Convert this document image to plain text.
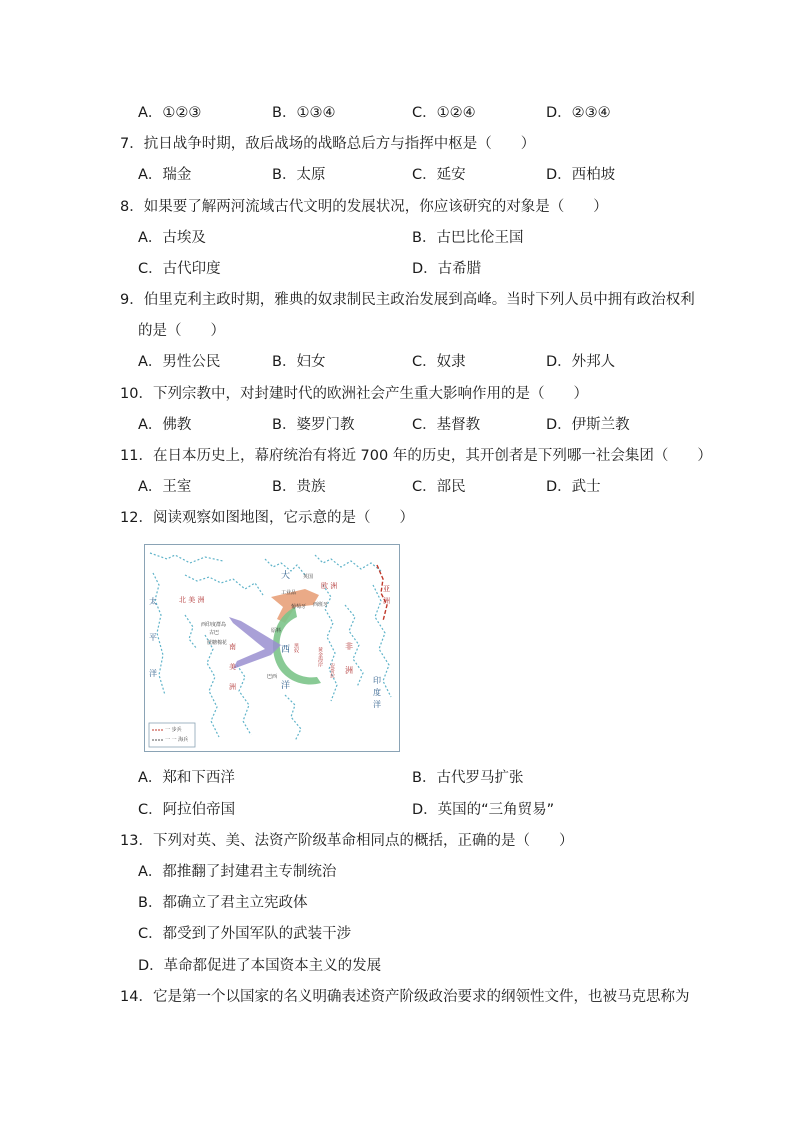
A．①②③	B．①③④	C．①②④	D．②③④
7．抗日战争时期，敌后战场的战略总后方与指挥中枢是（　　）
A．瑞金	B．太原	C．延安	D．西柏坡
8．如果要了解两河流域古代文明的发展状况，你应该研究的对象是（　　）
A．古埃及	B．古巴比伦王国
C．古代印度	D．古希腊
9．伯里克利主政时期，雅典的奴隶制民主政治发展到高峰。当时下列人员中拥有政治权利
的是（　　）
A．男性公民	B．妇女	C．奴隶	D．外邦人
10．下列宗教中，对封建时代的欧洲社会产生重大影响作用的是（　　）
A．佛教	B．婆罗门教	C．基督教	D．伊斯兰教
11．在日本历史上，幕府统治有将近 700 年的历史，其开创者是下列哪一社会集团（　　）
A．王室	B．贵族	C．部民	D．武士
12．阅读观察如图地图，它示意的是（　　）
太
平
洋
北 美 洲
大
西
洋
南
美
洲
非
洲
欧 洲	亚
洲
印
度
洋
英国
西班牙
葡萄牙
工业品
黑奴
原料
西印度群岛
古巴
蔗糖棉花
黄金海岸
安哥拉
巴西
一 步兵
一 一 海兵
A．郑和下西洋	B．古代罗马扩张
C．阿拉伯帝国	D．英国的“三角贸易”
13．下列对英、美、法资产阶级革命相同点的概括，正确的是（　　）
A．都推翻了封建君主专制统治
B．都确立了君主立宪政体
C．都受到了外国军队的武装干涉
D．革命都促进了本国资本主义的发展
14．它是第一个以国家的名义明确表述资产阶级政治要求的纲领性文件，也被马克思称为
